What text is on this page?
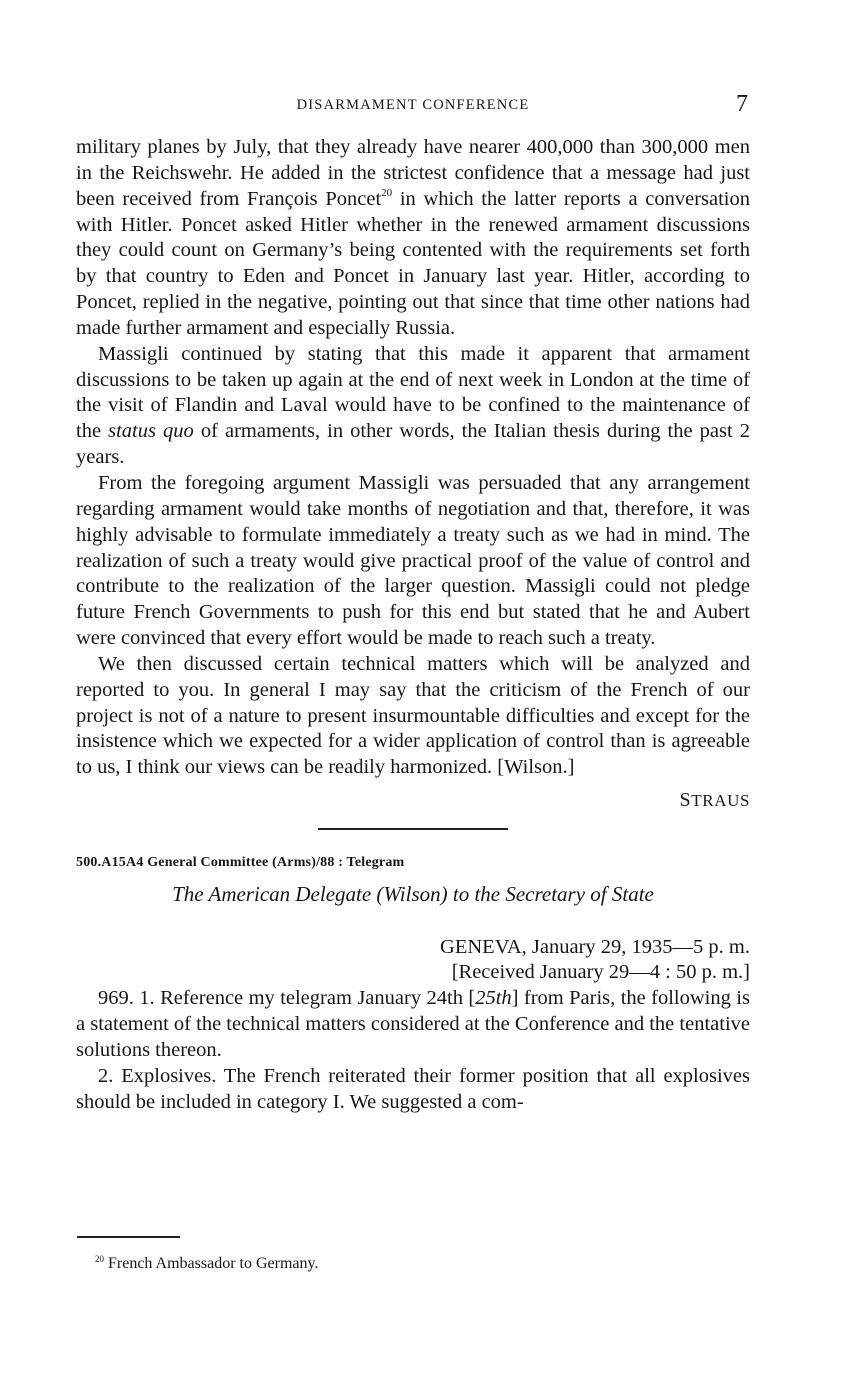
DISARMAMENT CONFERENCE	7

military planes by July, that they already have nearer 400,000 than 300,000 men in the Reichswehr. He added in the strictest confidence that a message had just been received from François Poncet$^{20}$ in which the latter reports a conversation with Hitler. Poncet asked Hitler whether in the renewed armament discussions they could count on Germany’s being contented with the requirements set forth by that country to Eden and Poncet in January last year. Hitler, according to Poncet, replied in the negative, pointing out that since that time other nations had made further armament and especially Russia.

Massigli continued by stating that this made it apparent that armament discussions to be taken up again at the end of next week in London at the time of the visit of Flandin and Laval would have to be confined to the maintenance of the status quo of armaments, in other words, the Italian thesis during the past 2 years.

From the foregoing argument Massigli was persuaded that any arrangement regarding armament would take months of negotiation and that, therefore, it was highly advisable to formulate immediately a treaty such as we had in mind. The realization of such a treaty would give practical proof of the value of control and contribute to the realization of the larger question. Massigli could not pledge future French Governments to push for this end but stated that he and Aubert were convinced that every effort would be made to reach such a treaty.

We then discussed certain technical matters which will be analyzed and reported to you. In general I may say that the criticism of the French of our project is not of a nature to present insurmountable difficulties and except for the insistence which we expected for a wider application of control than is agreeable to us, I think our views can be readily harmonized. [Wilson.]

STRAUS
500.A15A4 General Committee (Arms)/88 : Telegram
The American Delegate (Wilson) to the Secretary of State
GENEVA, January 29, 1935—5 p. m.
[Received January 29—4 : 50 p. m.]

969. 1. Reference my telegram January 24th [25th] from Paris, the following is a statement of the technical matters considered at the Conference and the tentative solutions thereon.

2. Explosives. The French reiterated their former position that all explosives should be included in category I. We suggested a com-

$^{20}$ French Ambassador to Germany.
